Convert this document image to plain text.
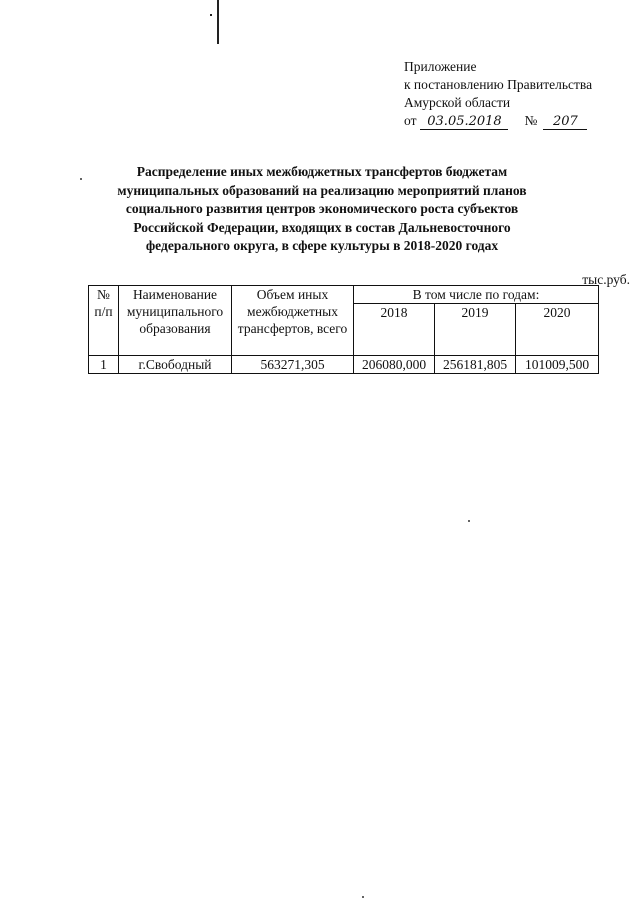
Приложение
к постановлению Правительства
Амурской области
от 03.05.2018 № 207
Распределение иных межбюджетных трансфертов бюджетам
муниципальных образований на реализацию мероприятий планов
социального развития центров экономического роста субъектов
Российской Федерации, входящих в состав Дальневосточного
федерального округа, в сфере культуры в 2018-2020 годах
тыс.руб.
№ п/п	Наименование муниципального образования	Объем иных межбюджетных трансфертов, всего	В том числе по годам:		
			2018	2019	2020
1	г.Свободный	563271,305	206080,000	256181,805	101009,500
